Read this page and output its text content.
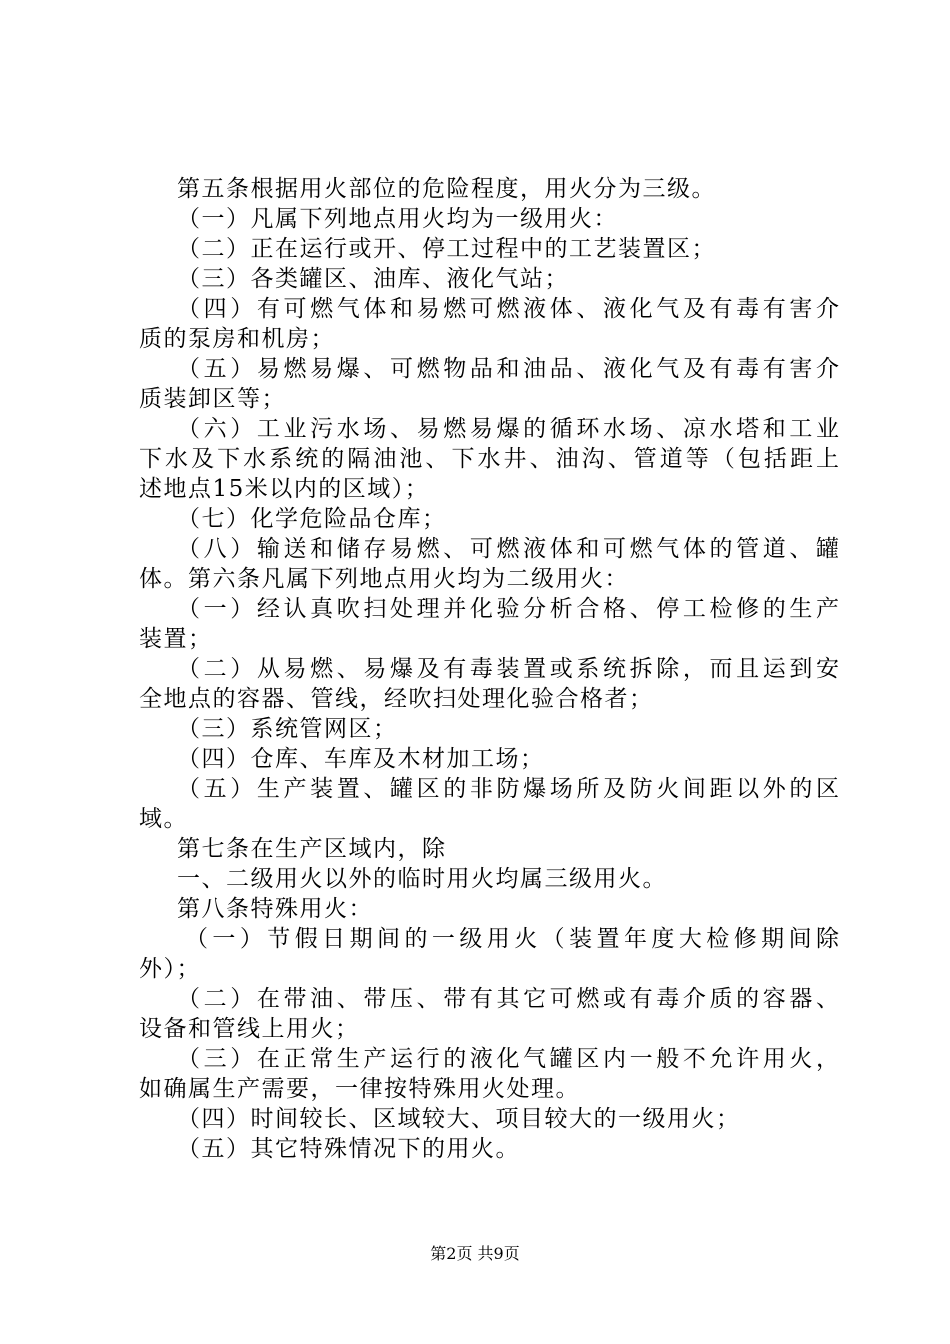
第五条根据用火部位的危险程度，用火分为三级。
（一）凡属下列地点用火均为一级用火：
（二）正在运行或开、停工过程中的工艺装置区；
（三）各类罐区、油库、液化气站；
（四）有可燃气体和易燃可燃液体、液化气及有毒有害介
质的泵房和机房；
（五）易燃易爆、可燃物品和油品、液化气及有毒有害介
质装卸区等；
（六）工业污水场、易燃易爆的循环水场、凉水塔和工业
下水及下水系统的隔油池、下水井、油沟、管道等（包括距上
述地点15米以内的区域）；
（七）化学危险品仓库；
（八）输送和储存易燃、可燃液体和可燃气体的管道、罐
体。第六条凡属下列地点用火均为二级用火：
（一）经认真吹扫处理并化验分析合格、停工检修的生产
装置；
（二）从易燃、易爆及有毒装置或系统拆除，而且运到安
全地点的容器、管线，经吹扫处理化验合格者；
（三）系统管网区；
（四）仓库、车库及木材加工场；
（五）生产装置、罐区的非防爆场所及防火间距以外的区
域。
第七条在生产区域内，除
一、二级用火以外的临时用火均属三级用火。
第八条特殊用火：
（一）节假日期间的一级用火（装置年度大检修期间除
外）；
（二）在带油、带压、带有其它可燃或有毒介质的容器、
设备和管线上用火；
（三）在正常生产运行的液化气罐区内一般不允许用火，
如确属生产需要，一律按特殊用火处理。
（四）时间较长、区域较大、项目较大的一级用火；
（五）其它特殊情况下的用火。
第2页 共9页
